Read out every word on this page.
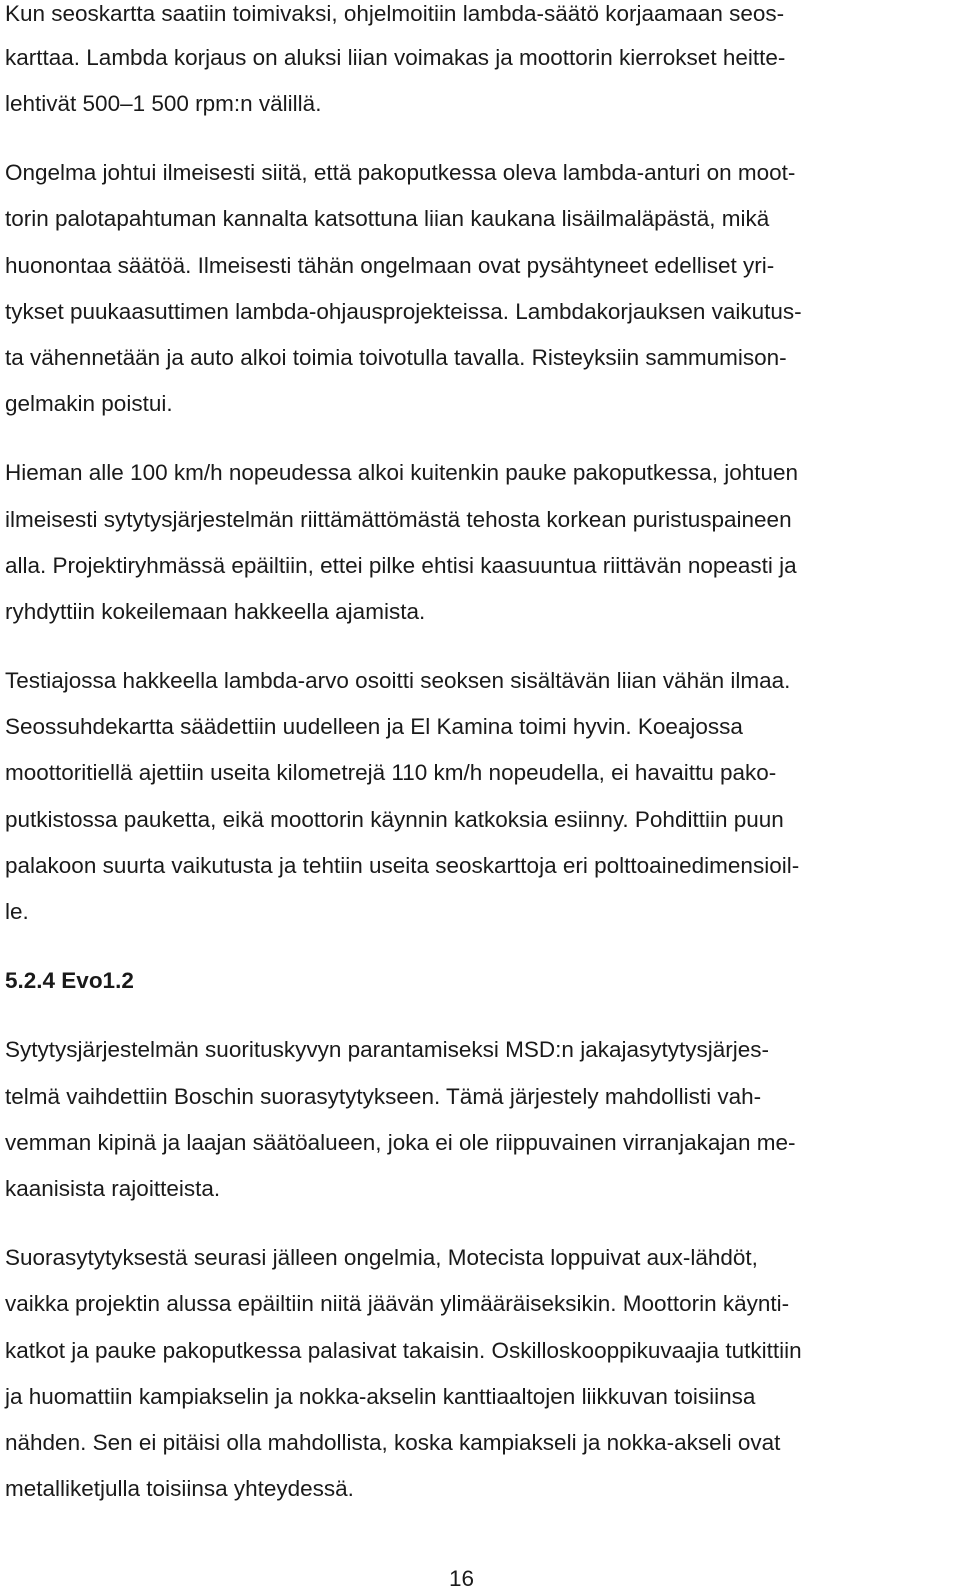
Kun seoskartta saatiin toimivaksi, ohjelmoitiin lambda-säätö korjaamaan seos-
karttaa. Lambda korjaus on aluksi liian voimakas ja moottorin kierrokset heitte-
lehtivät 500–1 500 rpm:n välillä.
Ongelma johtui ilmeisesti siitä, että pakoputkessa oleva lambda-anturi on moot-
torin palotapahtuman kannalta katsottuna liian kaukana lisäilmaläpästä, mikä
huonontaa säätöä. Ilmeisesti tähän ongelmaan ovat pysähtyneet edelliset yri-
tykset puukaasuttimen lambda-ohjausprojekteissa. Lambdakorjauksen vaikutus-
ta vähennetään ja auto alkoi toimia toivotulla tavalla. Risteyksiin sammumison-
gelmakin poistui.
Hieman alle 100 km/h nopeudessa alkoi kuitenkin pauke pakoputkessa, johtuen
ilmeisesti sytytysjärjestelmän riittämättömästä tehosta korkean puristuspaineen
alla. Projektiryhmässä epäiltiin, ettei pilke ehtisi kaasuuntua riittävän nopeasti ja
ryhdyttiin kokeilemaan hakkeella ajamista.
Testiajossa hakkeella lambda-arvo osoitti seoksen sisältävän liian vähän ilmaa.
Seossuhdekartta säädettiin uudelleen ja El Kamina toimi hyvin. Koeajossa
moottoritiellä ajettiin useita kilometrejä 110 km/h nopeudella, ei havaittu pako-
putkistossa pauketta, eikä moottorin käynnin katkoksia esiinny. Pohdittiin puun
palakoon suurta vaikutusta ja tehtiin useita seoskarttoja eri polttoainedimensioil-
le.
5.2.4 Evo1.2
Sytytysjärjestelmän suorituskyvyn parantamiseksi MSD:n jakajasytytysjärjes-
telmä vaihdettiin Boschin suorasytytykseen. Tämä järjestely mahdollisti vah-
vemman kipinä ja laajan säätöalueen, joka ei ole riippuvainen virranjakajan me-
kaanisista rajoitteista.
Suorasytytyksestä seurasi jälleen ongelmia, Motecista loppuivat aux-lähdöt,
vaikka projektin alussa epäiltiin niitä jäävän ylimääräiseksikin. Moottorin käynti-
katkot ja pauke pakoputkessa palasivat takaisin. Oskilloskooppikuvaajia tutkittiin
ja huomattiin kampiakselin ja nokka-akselin kanttiaaltojen liikkuvan toisiinsa
nähden. Sen ei pitäisi olla mahdollista, koska kampiakseli ja nokka-akseli ovat
metalliketjulla toisiinsa yhteydessä.
16
